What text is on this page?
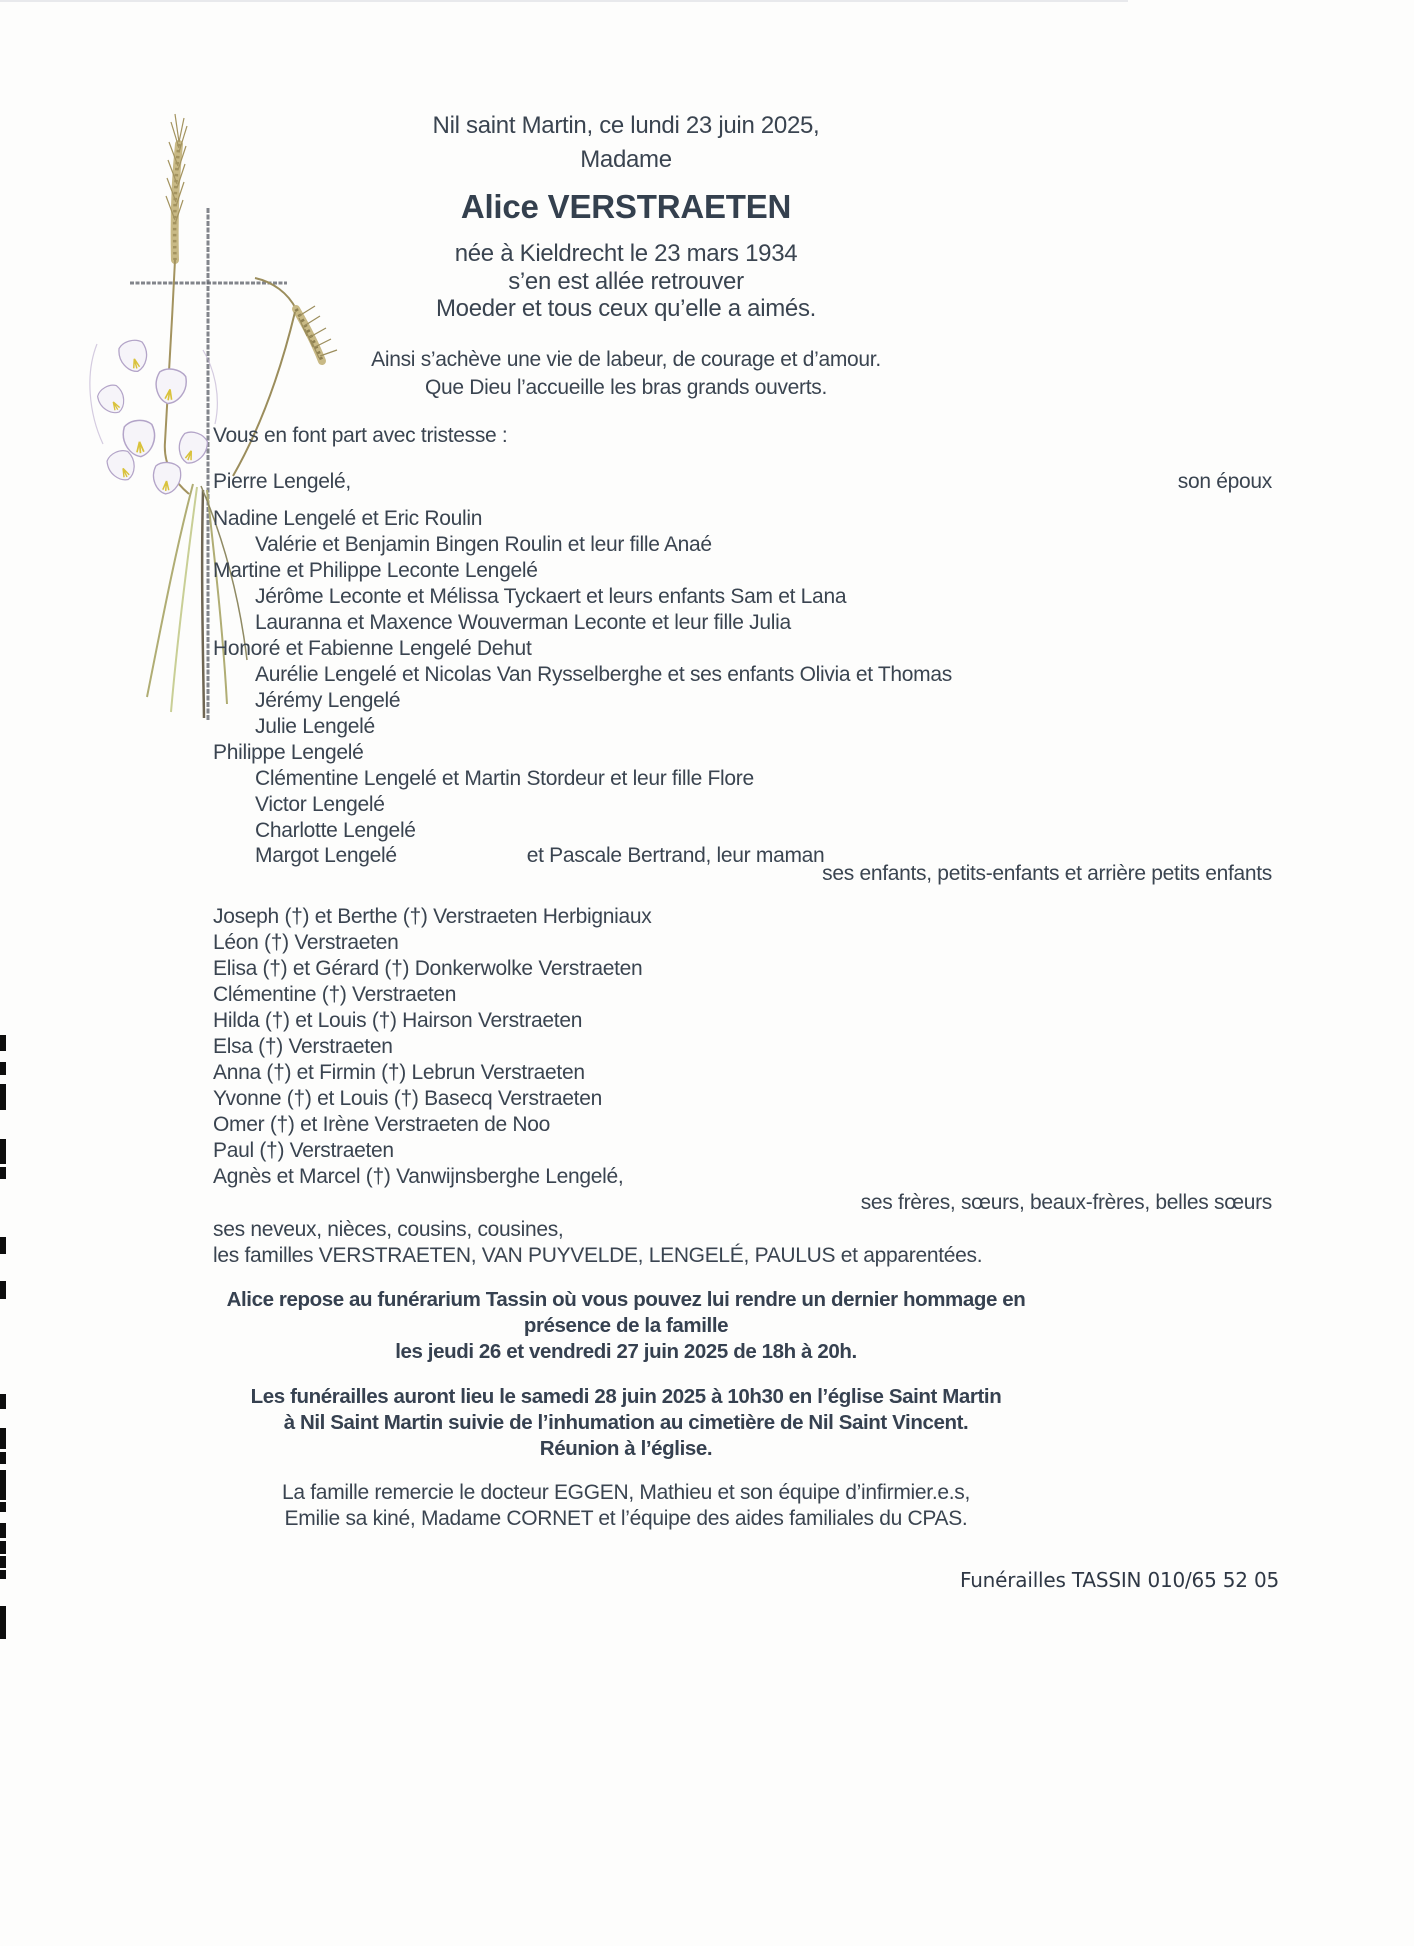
Nil saint Martin, ce lundi 23 juin 2025,
Madame
Alice VERSTRAETEN
née à Kieldrecht le 23 mars 1934
s’en est allée retrouver
Moeder et tous ceux qu’elle a aimés.
Ainsi s’achève une vie de labeur, de courage et d’amour.
Que Dieu l’accueille les bras grands ouverts.
Vous en font part avec tristesse :
Pierre Lengelé,	son époux
Nadine Lengelé et Eric Roulin
Valérie et Benjamin Bingen Roulin et leur fille Anaé
Martine et Philippe Leconte Lengelé
Jérôme Leconte et Mélissa Tyckaert et leurs enfants Sam et Lana
Lauranna et Maxence Wouverman Leconte et leur fille Julia
Honoré et Fabienne Lengelé Dehut
Aurélie Lengelé et Nicolas Van Rysselberghe et ses enfants Olivia et Thomas
Jérémy Lengelé
Julie Lengelé
Philippe Lengelé
Clémentine Lengelé et Martin Stordeur et leur fille Flore
Victor Lengelé
Charlotte Lengelé
Margot Lengelé	et Pascale Bertrand, leur maman
ses enfants, petits-enfants et arrière petits enfants
Joseph (†) et Berthe (†) Verstraeten Herbigniaux
Léon (†) Verstraeten
Elisa (†) et Gérard (†) Donkerwolke Verstraeten
Clémentine (†) Verstraeten
Hilda (†) et Louis (†) Hairson Verstraeten
Elsa (†) Verstraeten
Anna (†) et Firmin (†) Lebrun Verstraeten
Yvonne (†) et Louis (†) Basecq Verstraeten
Omer (†) et Irène Verstraeten de Noo
Paul (†) Verstraeten
Agnès et Marcel (†) Vanwijnsberghe Lengelé,
ses frères, sœurs, beaux-frères, belles sœurs
ses neveux, nièces, cousins, cousines,
les familles VERSTRAETEN, VAN PUYVELDE, LENGELÉ, PAULUS et apparentées.
Alice repose au funérarium Tassin où vous pouvez lui rendre un dernier hommage en
présence de la famille
les jeudi 26 et vendredi 27 juin 2025 de 18h à 20h.
Les funérailles auront lieu le samedi 28 juin 2025 à 10h30 en l’église Saint Martin
à Nil Saint Martin suivie de l’inhumation au cimetière de Nil Saint Vincent.
Réunion à l’église.
La famille remercie le docteur EGGEN, Mathieu et son équipe d’infirmier.e.s,
Emilie sa kiné, Madame CORNET et l’équipe des aides familiales du CPAS.
Funérailles TASSIN 010/65 52 05
